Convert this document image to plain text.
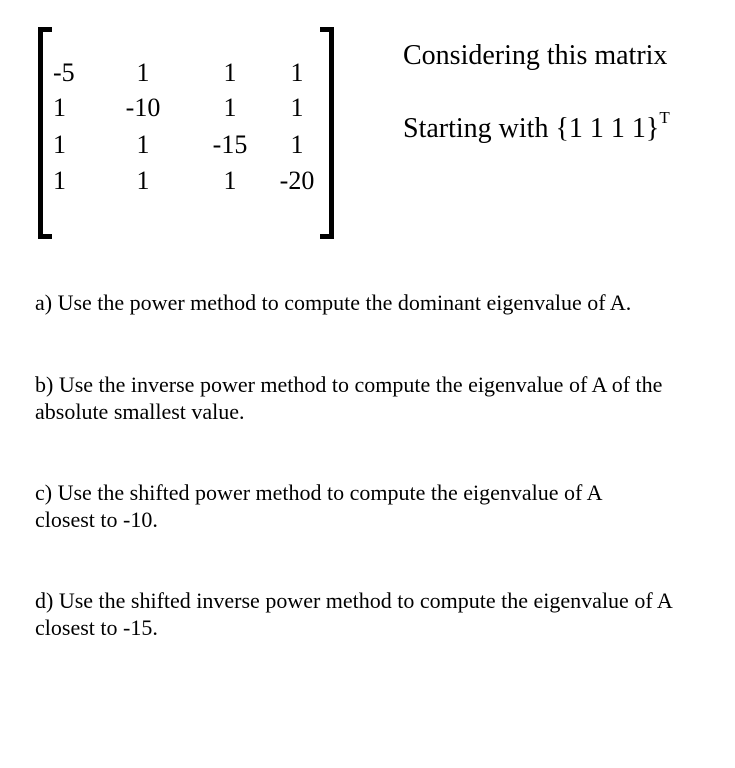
-5	1	1	1
1	-10	1	1
1	1	-15	1
1	1	1	-20
Considering this matrix
Starting with {1 1 1 1}$^T$
a) Use the power method to compute the dominant eigenvalue of A.
b) Use the inverse power method to compute the eigenvalue of A of the absolute smallest value.
c) Use the shifted power method to compute the eigenvalue of A closest to -10.
d) Use the shifted inverse power method to compute the eigenvalue of A closest to -15.
